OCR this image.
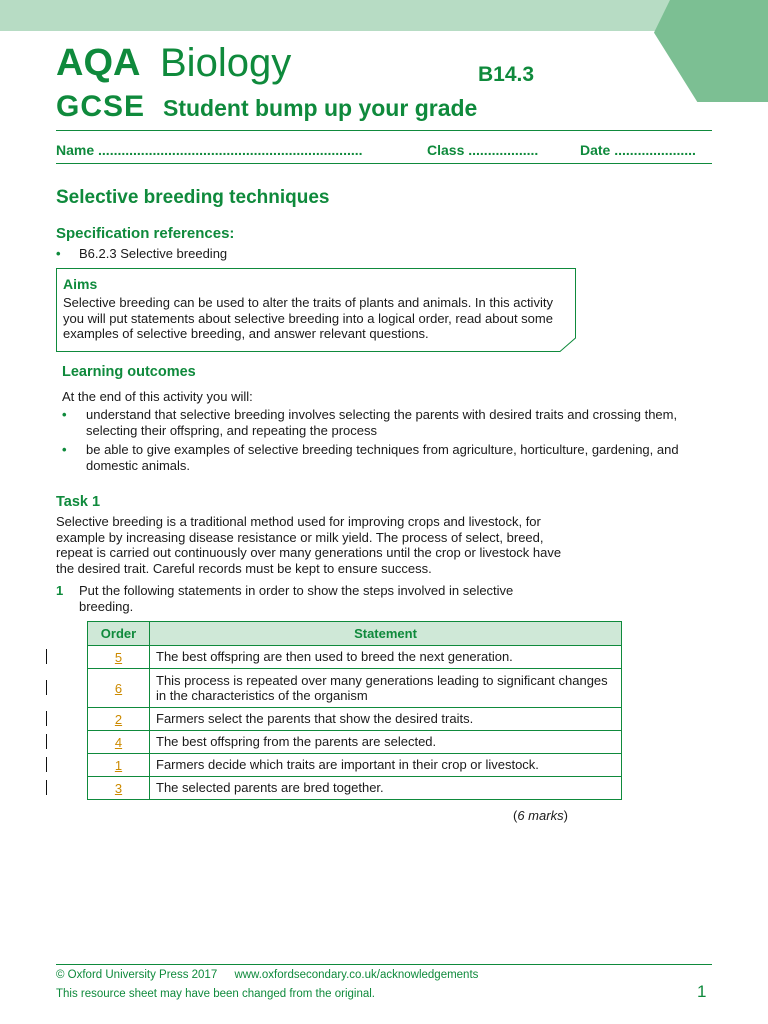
AQA Biology
GCSE
B14.3
Student bump up your grade
Name ....................................................................	Class ..................	Date .....................
Selective breeding techniques
Specification references:
• B6.2.3 Selective breeding
Aims
Selective breeding can be used to alter the traits of plants and animals. In this activity you will put statements about selective breeding into a logical order, read about some examples of selective breeding, and answer relevant questions.
Learning outcomes
At the end of this activity you will:
• understand that selective breeding involves selecting the parents with desired traits and crossing them, selecting their offspring, and repeating the process
• be able to give examples of selective breeding techniques from agriculture, horticulture, gardening, and domestic animals.
Task 1
Selective breeding is a traditional method used for improving crops and livestock, for example by increasing disease resistance or milk yield. The process of select, breed, repeat is carried out continuously over many generations until the crop or livestock have the desired trait. Careful records must be kept to ensure success.
1 Put the following statements in order to show the steps involved in selective breeding.
Order	Statement
5	The best offspring are then used to breed the next generation.
6	This process is repeated over many generations leading to significant changes in the characteristics of the organism
2	Farmers select the parents that show the desired traits.
4	The best offspring from the parents are selected.
1	Farmers decide which traits are important in their crop or livestock.
3	The selected parents are bred together.
(6 marks)
© Oxford University Press 2017 www.oxfordsecondary.co.uk/acknowledgements
This resource sheet may have been changed from the original.	1
